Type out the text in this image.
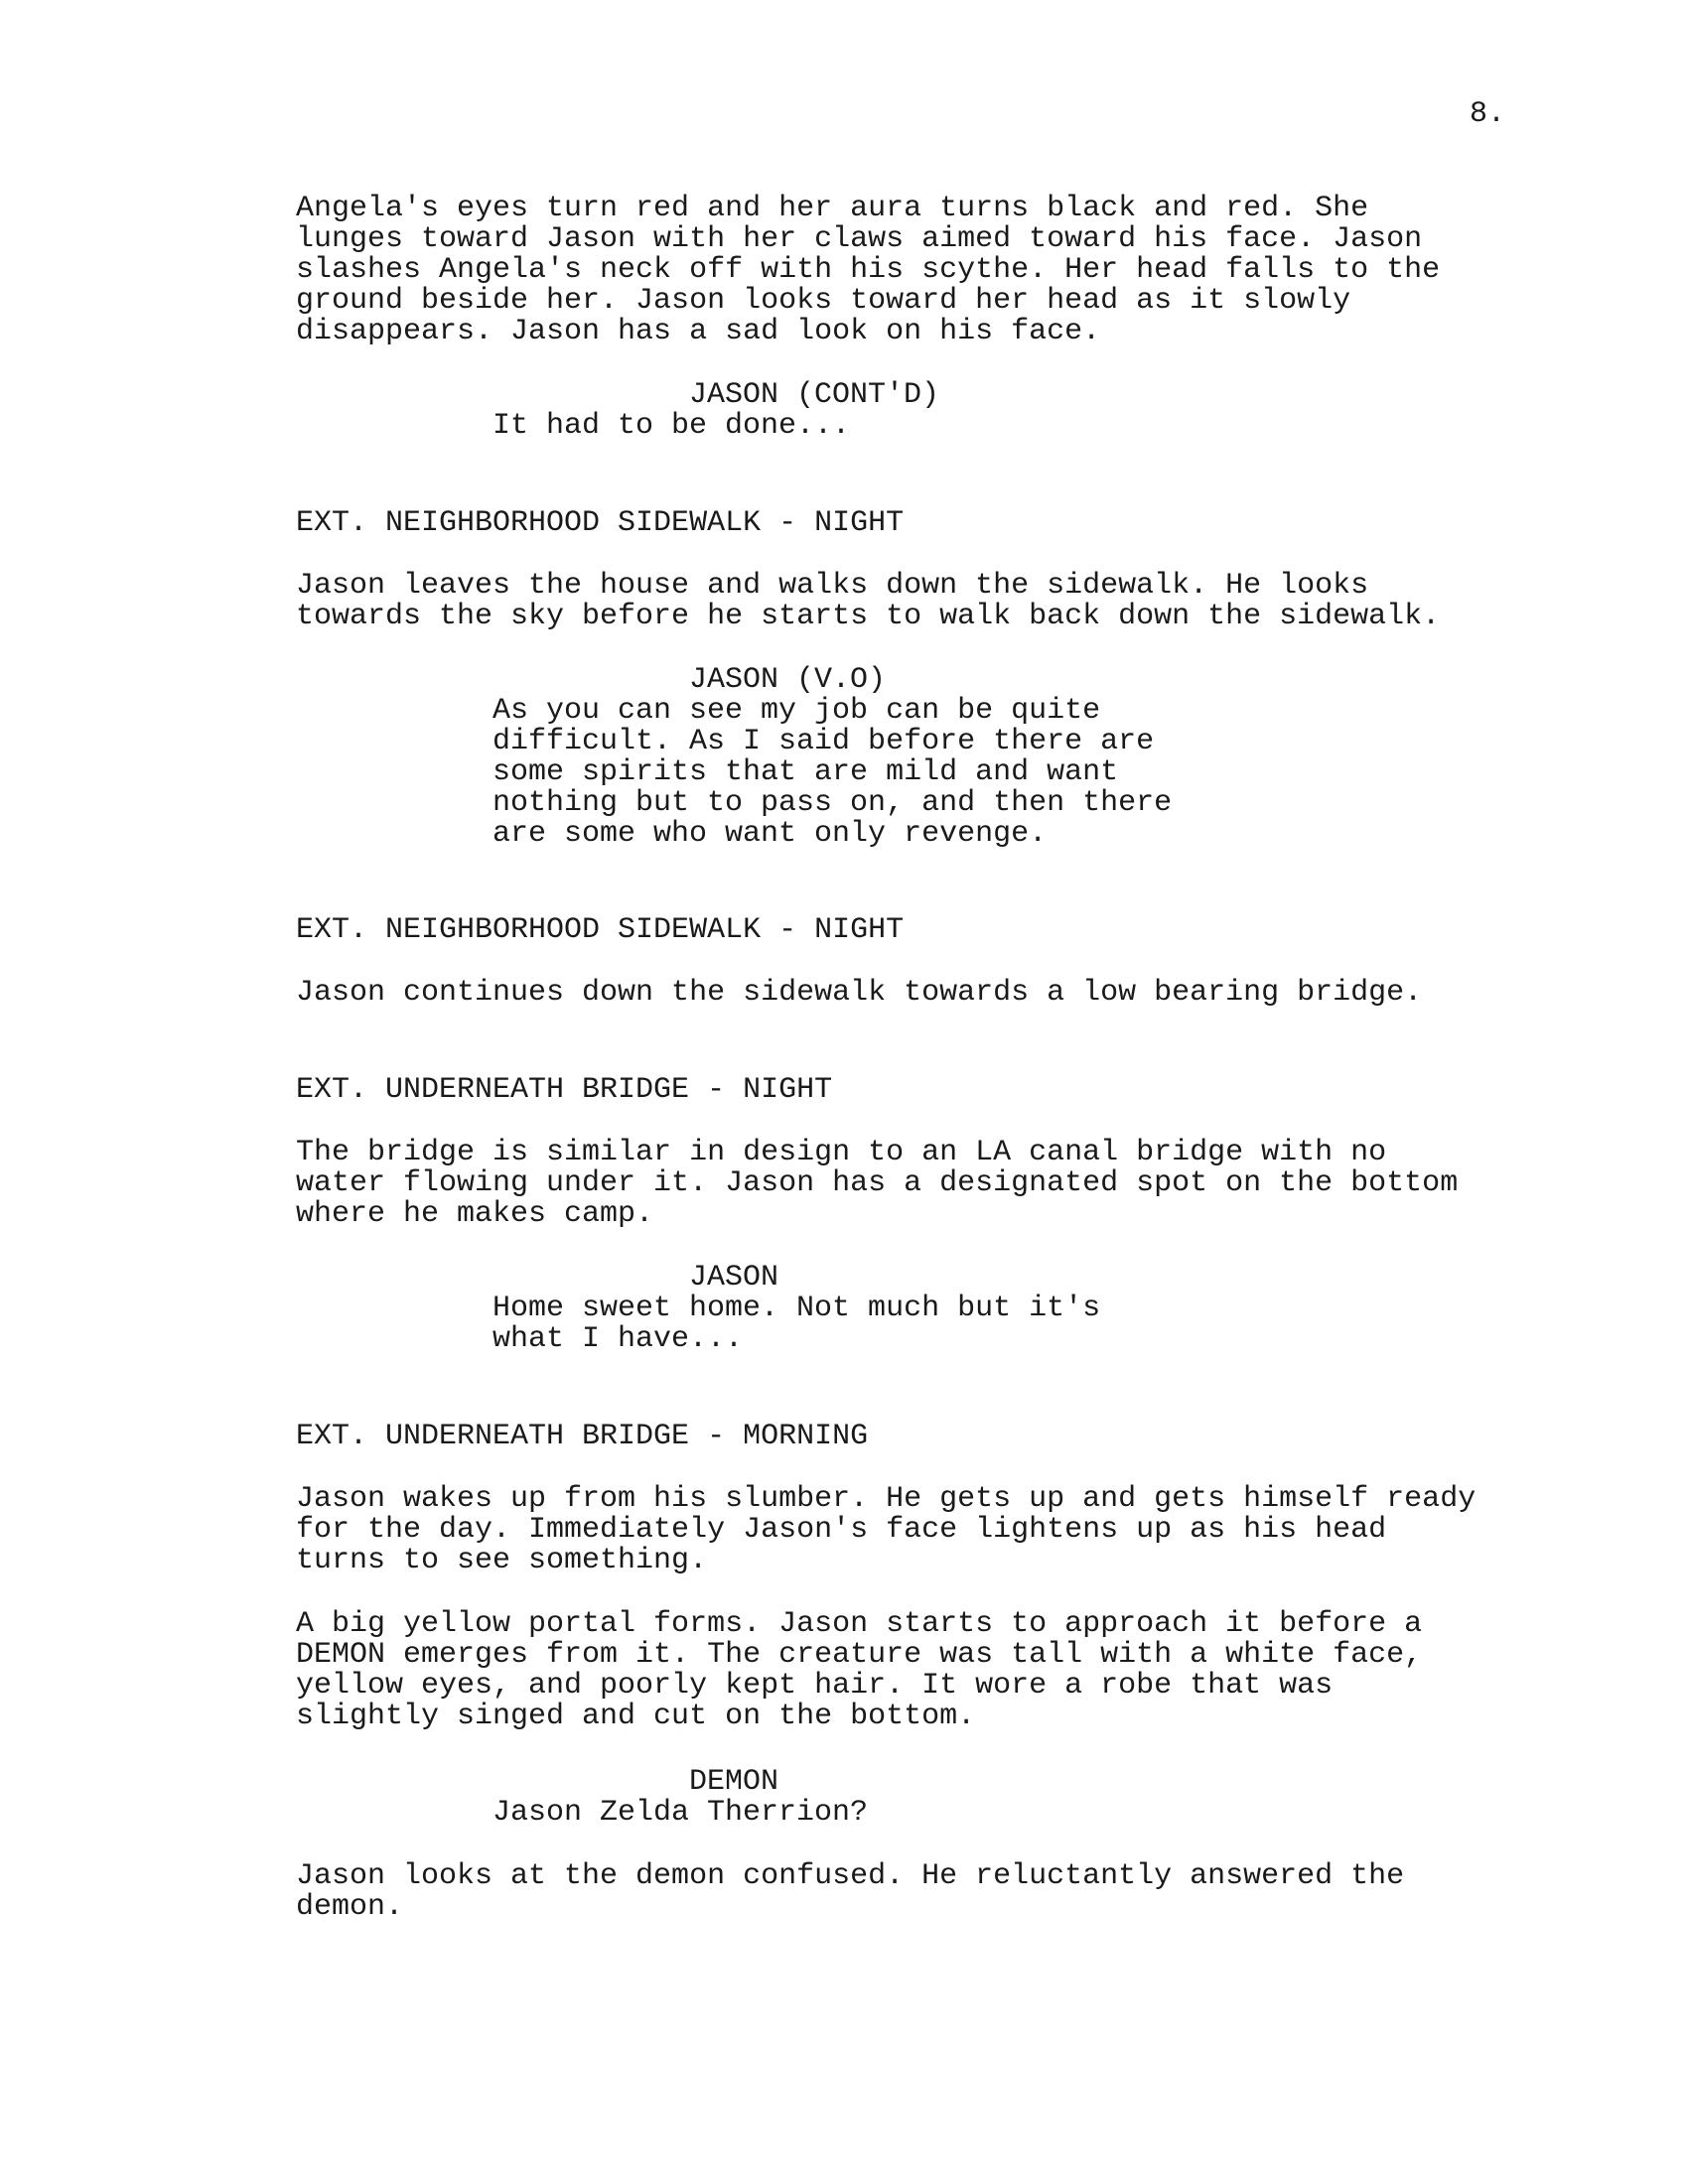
8.
Angela's eyes turn red and her aura turns black and red. She
lunges toward Jason with her claws aimed toward his face. Jason
slashes Angela's neck off with his scythe. Her head falls to the
ground beside her. Jason looks toward her head as it slowly
disappears. Jason has a sad look on his face.
JASON (CONT'D)
It had to be done...
EXT. NEIGHBORHOOD SIDEWALK - NIGHT
Jason leaves the house and walks down the sidewalk. He looks
towards the sky before he starts to walk back down the sidewalk.
JASON (V.O)
As you can see my job can be quite
difficult. As I said before there are
some spirits that are mild and want
nothing but to pass on, and then there
are some who want only revenge.
EXT. NEIGHBORHOOD SIDEWALK - NIGHT
Jason continues down the sidewalk towards a low bearing bridge.
EXT. UNDERNEATH BRIDGE - NIGHT
The bridge is similar in design to an LA canal bridge with no
water flowing under it. Jason has a designated spot on the bottom
where he makes camp.
JASON
Home sweet home. Not much but it's
what I have...
EXT. UNDERNEATH BRIDGE - MORNING
Jason wakes up from his slumber. He gets up and gets himself ready
for the day. Immediately Jason's face lightens up as his head
turns to see something.
A big yellow portal forms. Jason starts to approach it before a
DEMON emerges from it. The creature was tall with a white face,
yellow eyes, and poorly kept hair. It wore a robe that was
slightly singed and cut on the bottom.
DEMON
Jason Zelda Therrion?
Jason looks at the demon confused. He reluctantly answered the
demon.
